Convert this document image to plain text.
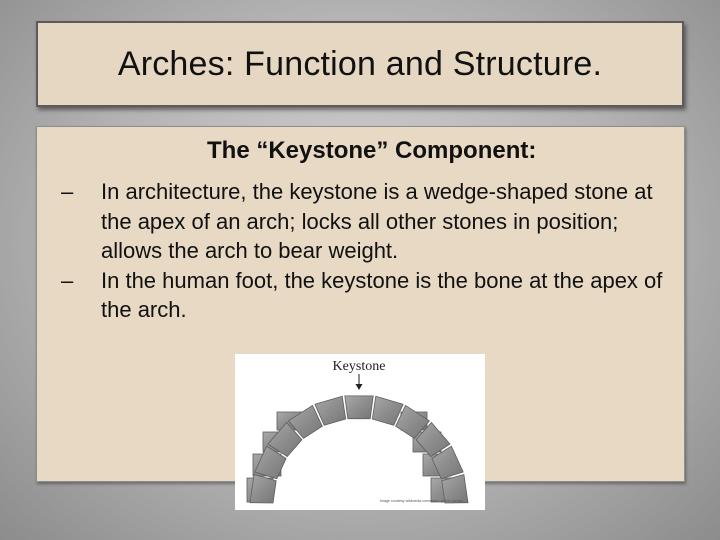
Arches: Function and Structure.
The “Keystone” Component:
– In architecture, the keystone is a wedge-shaped stone at the apex of an arch; locks all other stones in position; allows the arch to bear weight.
– In the human foot, the keystone is the bone at the apex of the arch.
Keystone
Image courtesy wikimedia commons · public domain
